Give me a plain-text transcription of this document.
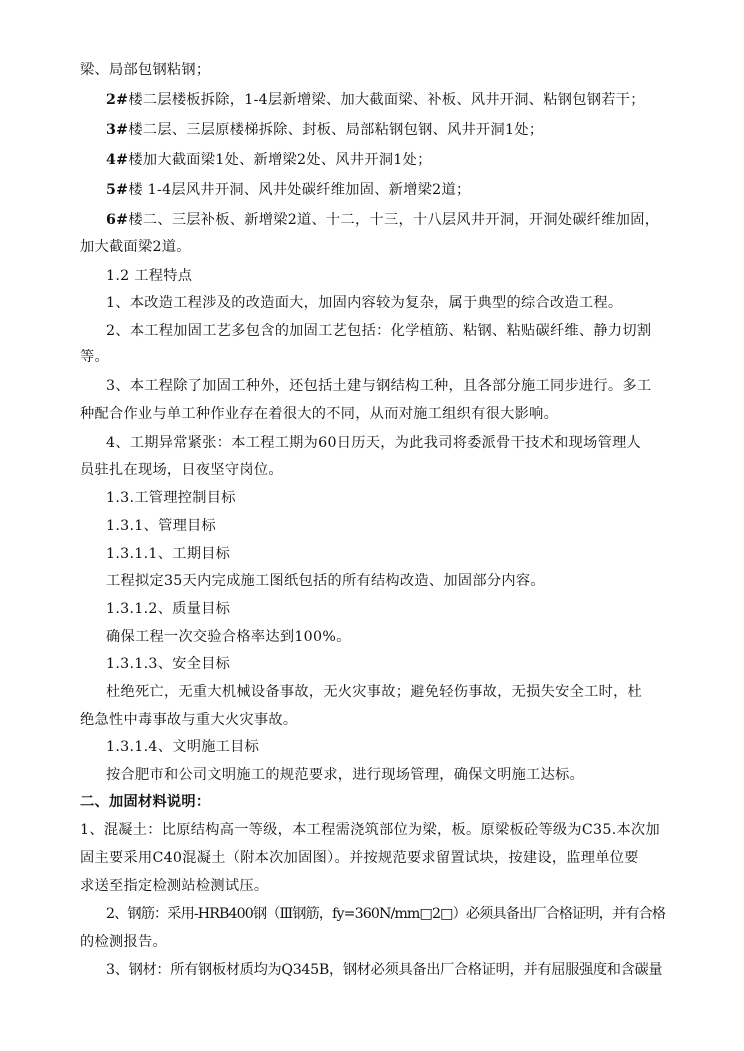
梁、局部包钢粘钢；
2#楼二层楼板拆除，1-4层新增梁、加大截面梁、补板、风井开洞、粘钢包钢若干；
3#楼二层、三层原楼梯拆除、封板、局部粘钢包钢、风井开洞1处；
4#楼加大截面梁1处、新增梁2处、风井开洞1处；
5#楼 1-4层风井开洞、风井处碳纤维加固、新增梁2道；
6#楼二、三层补板、新增梁2道、十二，十三，十八层风井开洞，开洞处碳纤维加固，
加大截面梁2道。
1.2 工程特点
1、本改造工程涉及的改造面大，加固内容较为复杂，属于典型的综合改造工程。
2、本工程加固工艺多包含的加固工艺包括：化学植筋、粘钢、粘贴碳纤维、静力切割
等。
3、本工程除了加固工种外，还包括土建与钢结构工种，且各部分施工同步进行。多工
种配合作业与单工种作业存在着很大的不同，从而对施工组织有很大影响。
4、工期异常紧张：本工程工期为60日历天，为此我司将委派骨干技术和现场管理人
员驻扎在现场，日夜坚守岗位。
1.3.工管理控制目标
1.3.1、管理目标
1.3.1.1、工期目标
工程拟定35天内完成施工图纸包括的所有结构改造、加固部分内容。
1.3.1.2、质量目标
确保工程一次交验合格率达到100%。
1.3.1.3、安全目标
杜绝死亡，无重大机械设备事故，无火灾事故；避免轻伤事故，无损失安全工时，杜
绝急性中毒事故与重大火灾事故。
1.3.1.4、文明施工目标
按合肥市和公司文明施工的规范要求，进行现场管理，确保文明施工达标。
二、加固材料说明：
1、混凝土：比原结构高一等级，本工程需浇筑部位为梁，板。原梁板砼等级为C35.本次加
固主要采用C40混凝土（附本次加固图）。并按规范要求留置试块，按建设，监理单位要
求送至指定检测站检测试压。
2、钢筋：采用-HRB400钢（Ⅲ钢筋，fy=360N/mm□2□）必须具备出厂合格证明，并有合格
的检测报告。
3、钢材：所有钢板材质均为Q345B，钢材必须具备出厂合格证明，并有屈服强度和含碳量
